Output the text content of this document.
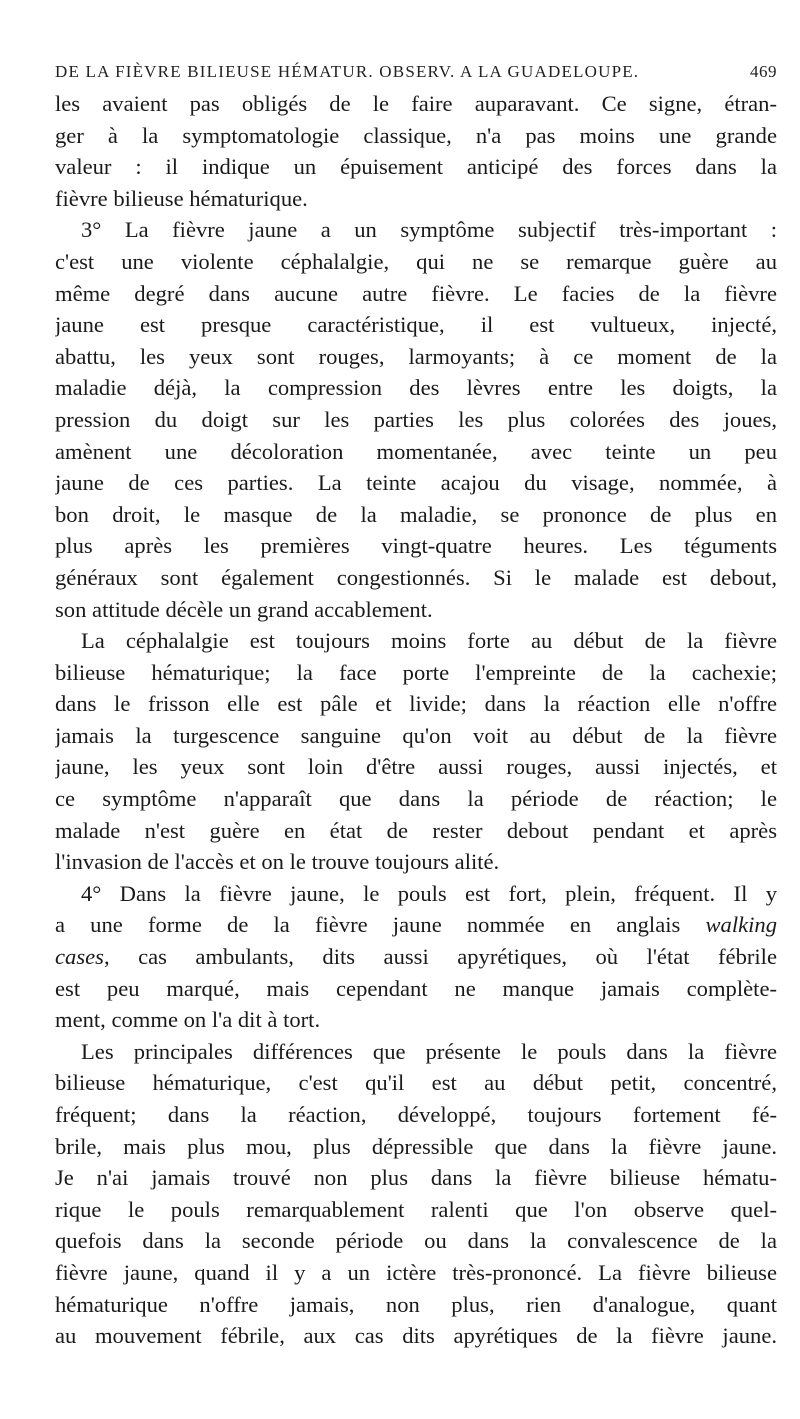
DE LA FIÈVRE BILIEUSE HÉMATUR. OBSERV. A LA GUADELOUPE.	469
les avaient pas obligés de le faire auparavant. Ce signe, étran-
ger à la symptomatologie classique, n'a pas moins une grande
valeur : il indique un épuisement anticipé des forces dans la
fièvre bilieuse hématurique.
3° La fièvre jaune a un symptôme subjectif très-important :
c'est une violente céphalalgie, qui ne se remarque guère au
même degré dans aucune autre fièvre. Le facies de la fièvre
jaune est presque caractéristique, il est vultueux, injecté,
abattu, les yeux sont rouges, larmoyants; à ce moment de la
maladie déjà, la compression des lèvres entre les doigts, la
pression du doigt sur les parties les plus colorées des joues,
amènent une décoloration momentanée, avec teinte un peu
jaune de ces parties. La teinte acajou du visage, nommée, à
bon droit, le masque de la maladie, se prononce de plus en
plus après les premières vingt-quatre heures. Les téguments
généraux sont également congestionnés. Si le malade est debout,
son attitude décèle un grand accablement.
La céphalalgie est toujours moins forte au début de la fièvre
bilieuse hématurique; la face porte l'empreinte de la cachexie;
dans le frisson elle est pâle et livide; dans la réaction elle n'offre
jamais la turgescence sanguine qu'on voit au début de la fièvre
jaune, les yeux sont loin d'être aussi rouges, aussi injectés, et
ce symptôme n'apparaît que dans la période de réaction; le
malade n'est guère en état de rester debout pendant et après
l'invasion de l'accès et on le trouve toujours alité.
4° Dans la fièvre jaune, le pouls est fort, plein, fréquent. Il y
a une forme de la fièvre jaune nommée en anglais walking
cases, cas ambulants, dits aussi apyrétiques, où l'état fébrile
est peu marqué, mais cependant ne manque jamais complète-
ment, comme on l'a dit à tort.
Les principales différences que présente le pouls dans la fièvre
bilieuse hématurique, c'est qu'il est au début petit, concentré,
fréquent; dans la réaction, développé, toujours fortement fé-
brile, mais plus mou, plus dépressible que dans la fièvre jaune.
Je n'ai jamais trouvé non plus dans la fièvre bilieuse hématu-
rique le pouls remarquablement ralenti que l'on observe quel-
quefois dans la seconde période ou dans la convalescence de la
fièvre jaune, quand il y a un ictère très-prononcé. La fièvre bilieuse
hématurique n'offre jamais, non plus, rien d'analogue, quant
au mouvement fébrile, aux cas dits apyrétiques de la fièvre jaune.
